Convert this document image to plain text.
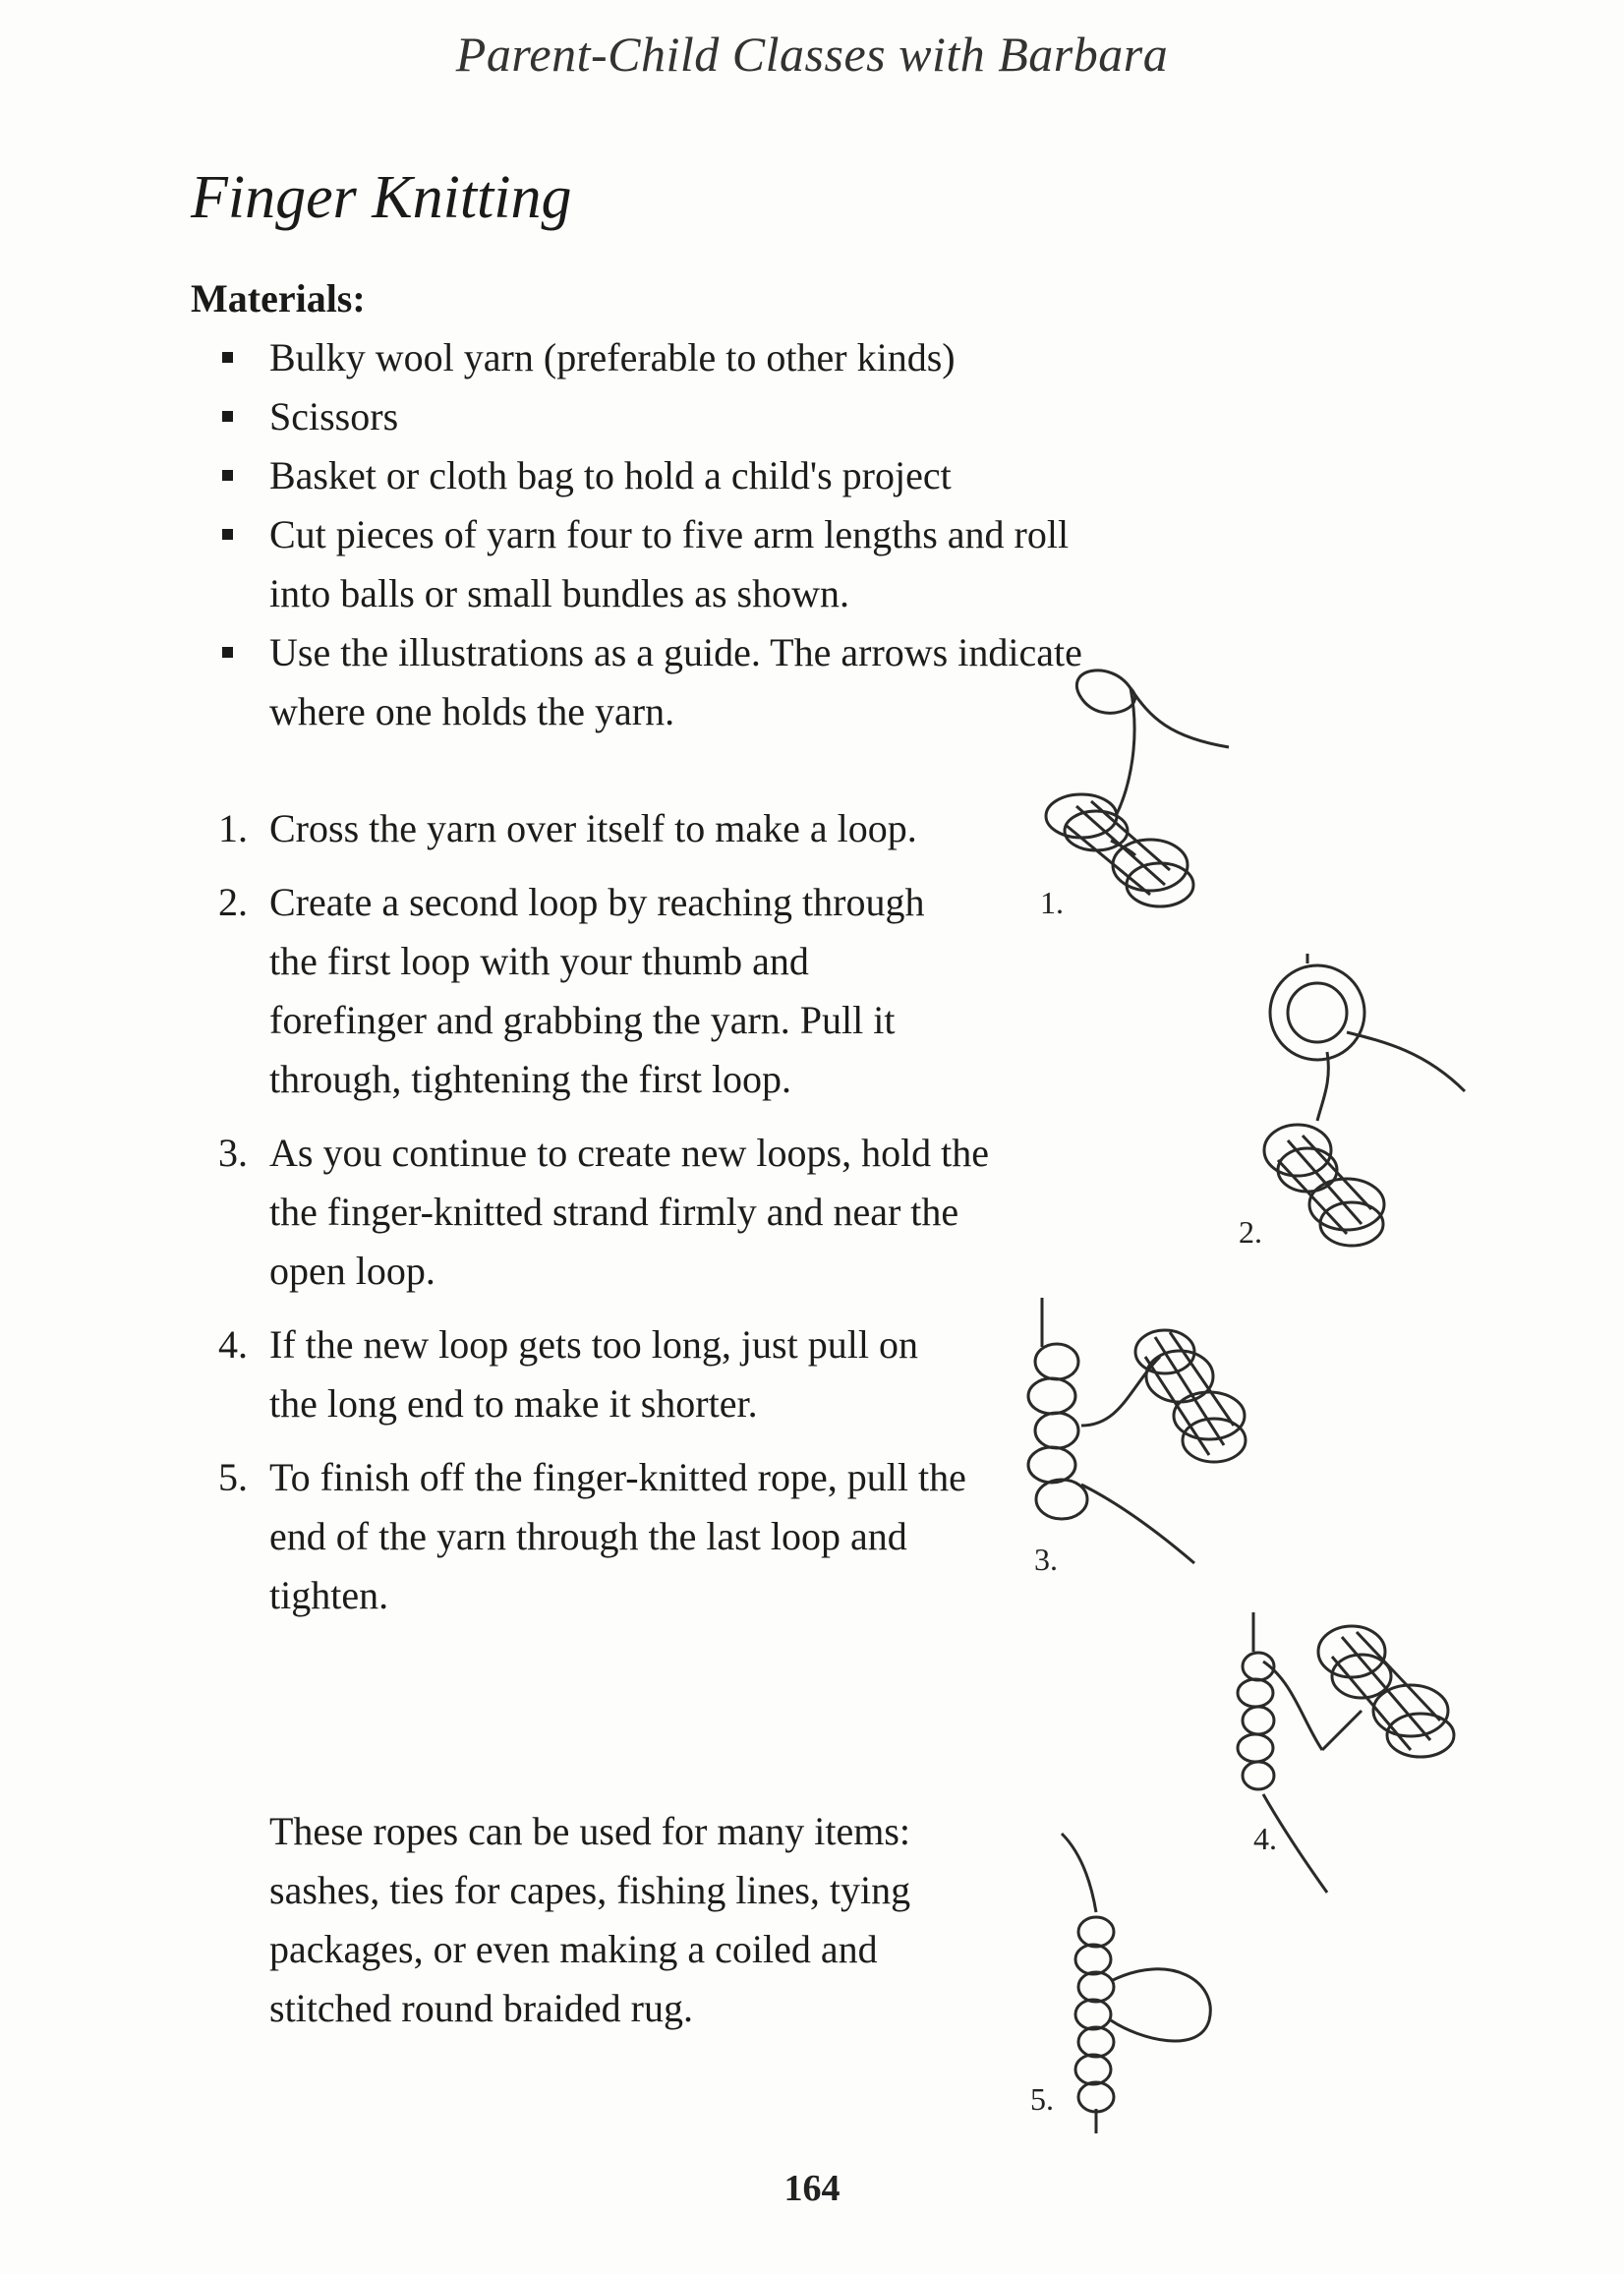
Parent-Child Classes with Barbara
Finger Knitting
Materials:
Bulky wool yarn (preferable to other kinds)
Scissors
Basket or cloth bag to hold a child's project
Cut pieces of yarn four to five arm lengths and roll into balls or small bundles as shown.
Use the illustrations as a guide. The arrows indicate where one holds the yarn.
1. Cross the yarn over itself to make a loop.
2. Create a second loop by reaching through the first loop with your thumb and forefinger and grabbing the yarn. Pull it through, tightening the first loop.
3. As you continue to create new loops, hold the the finger-knitted strand firmly and near the open loop.
4. If the new loop gets too long, just pull on the long end to make it shorter.
5. To finish off the finger-knitted rope, pull the end of the yarn through the last loop and tighten.

These ropes can be used for many items: sashes, ties for capes, fishing lines, tying packages, or even making a coiled and stitched round braided rug.

1.
2.
3.
4.
5.
164
